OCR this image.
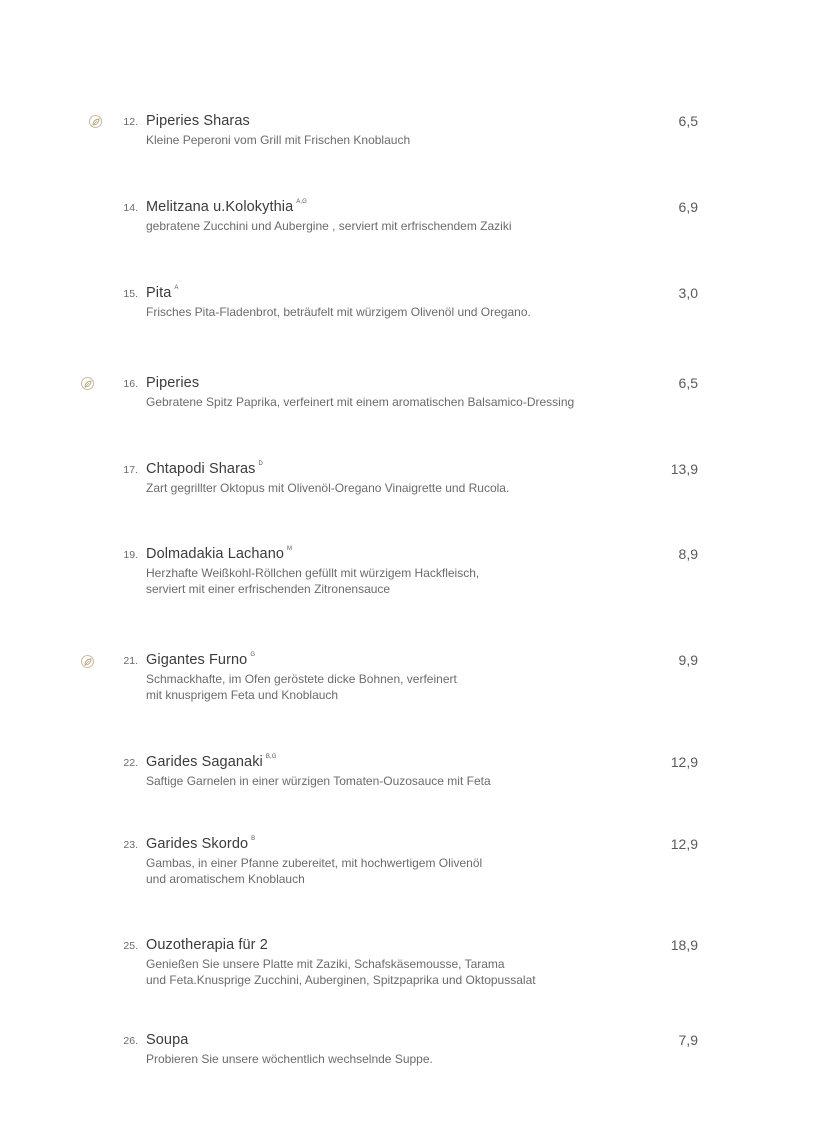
12. Piperies Sharas
Kleine Peperoni vom Grill mit Frischen Knoblauch
6,5
14. Melitzana u.Kolokythia $^{A,G}$
gebratene Zucchini und Aubergine , serviert mit erfrischendem Zaziki
6,9
15. Pita $^A$
Frisches Pita-Fladenbrot, beträufelt mit würzigem Olivenöl und Oregano.
3,0
16. Piperies
Gebratene Spitz Paprika, verfeinert mit einem aromatischen Balsamico-Dressing
6,5
17. Chtapodi Sharas $^D$
Zart gegrillter Oktopus mit Olivenöl-Oregano Vinaigrette und Rucola.
13,9
19. Dolmadakia Lachano $^M$
Herzhafte Weißkohl-Röllchen gefüllt mit würzigem Hackfleisch,
serviert mit einer erfrischenden Zitronensauce
8,9
21. Gigantes Furno $^G$
Schmackhafte, im Ofen geröstete dicke Bohnen, verfeinert
mit knusprigem Feta und Knoblauch
9,9
22. Garides Saganaki $^{B,G}$
Saftige Garnelen in einer würzigen Tomaten-Ouzosauce mit Feta
12,9
23. Garides Skordo $^B$
Gambas, in einer Pfanne zubereitet, mit hochwertigem Olivenöl
und aromatischem Knoblauch
12,9
25. Ouzotherapia für 2
Genießen Sie unsere Platte mit Zaziki, Schafskäsemousse, Tarama
und Feta.Knusprige Zucchini, Auberginen, Spitzpaprika und Oktopussalat
18,9
26. Soupa
Probieren Sie unsere wöchentlich wechselnde Suppe.
7,9
